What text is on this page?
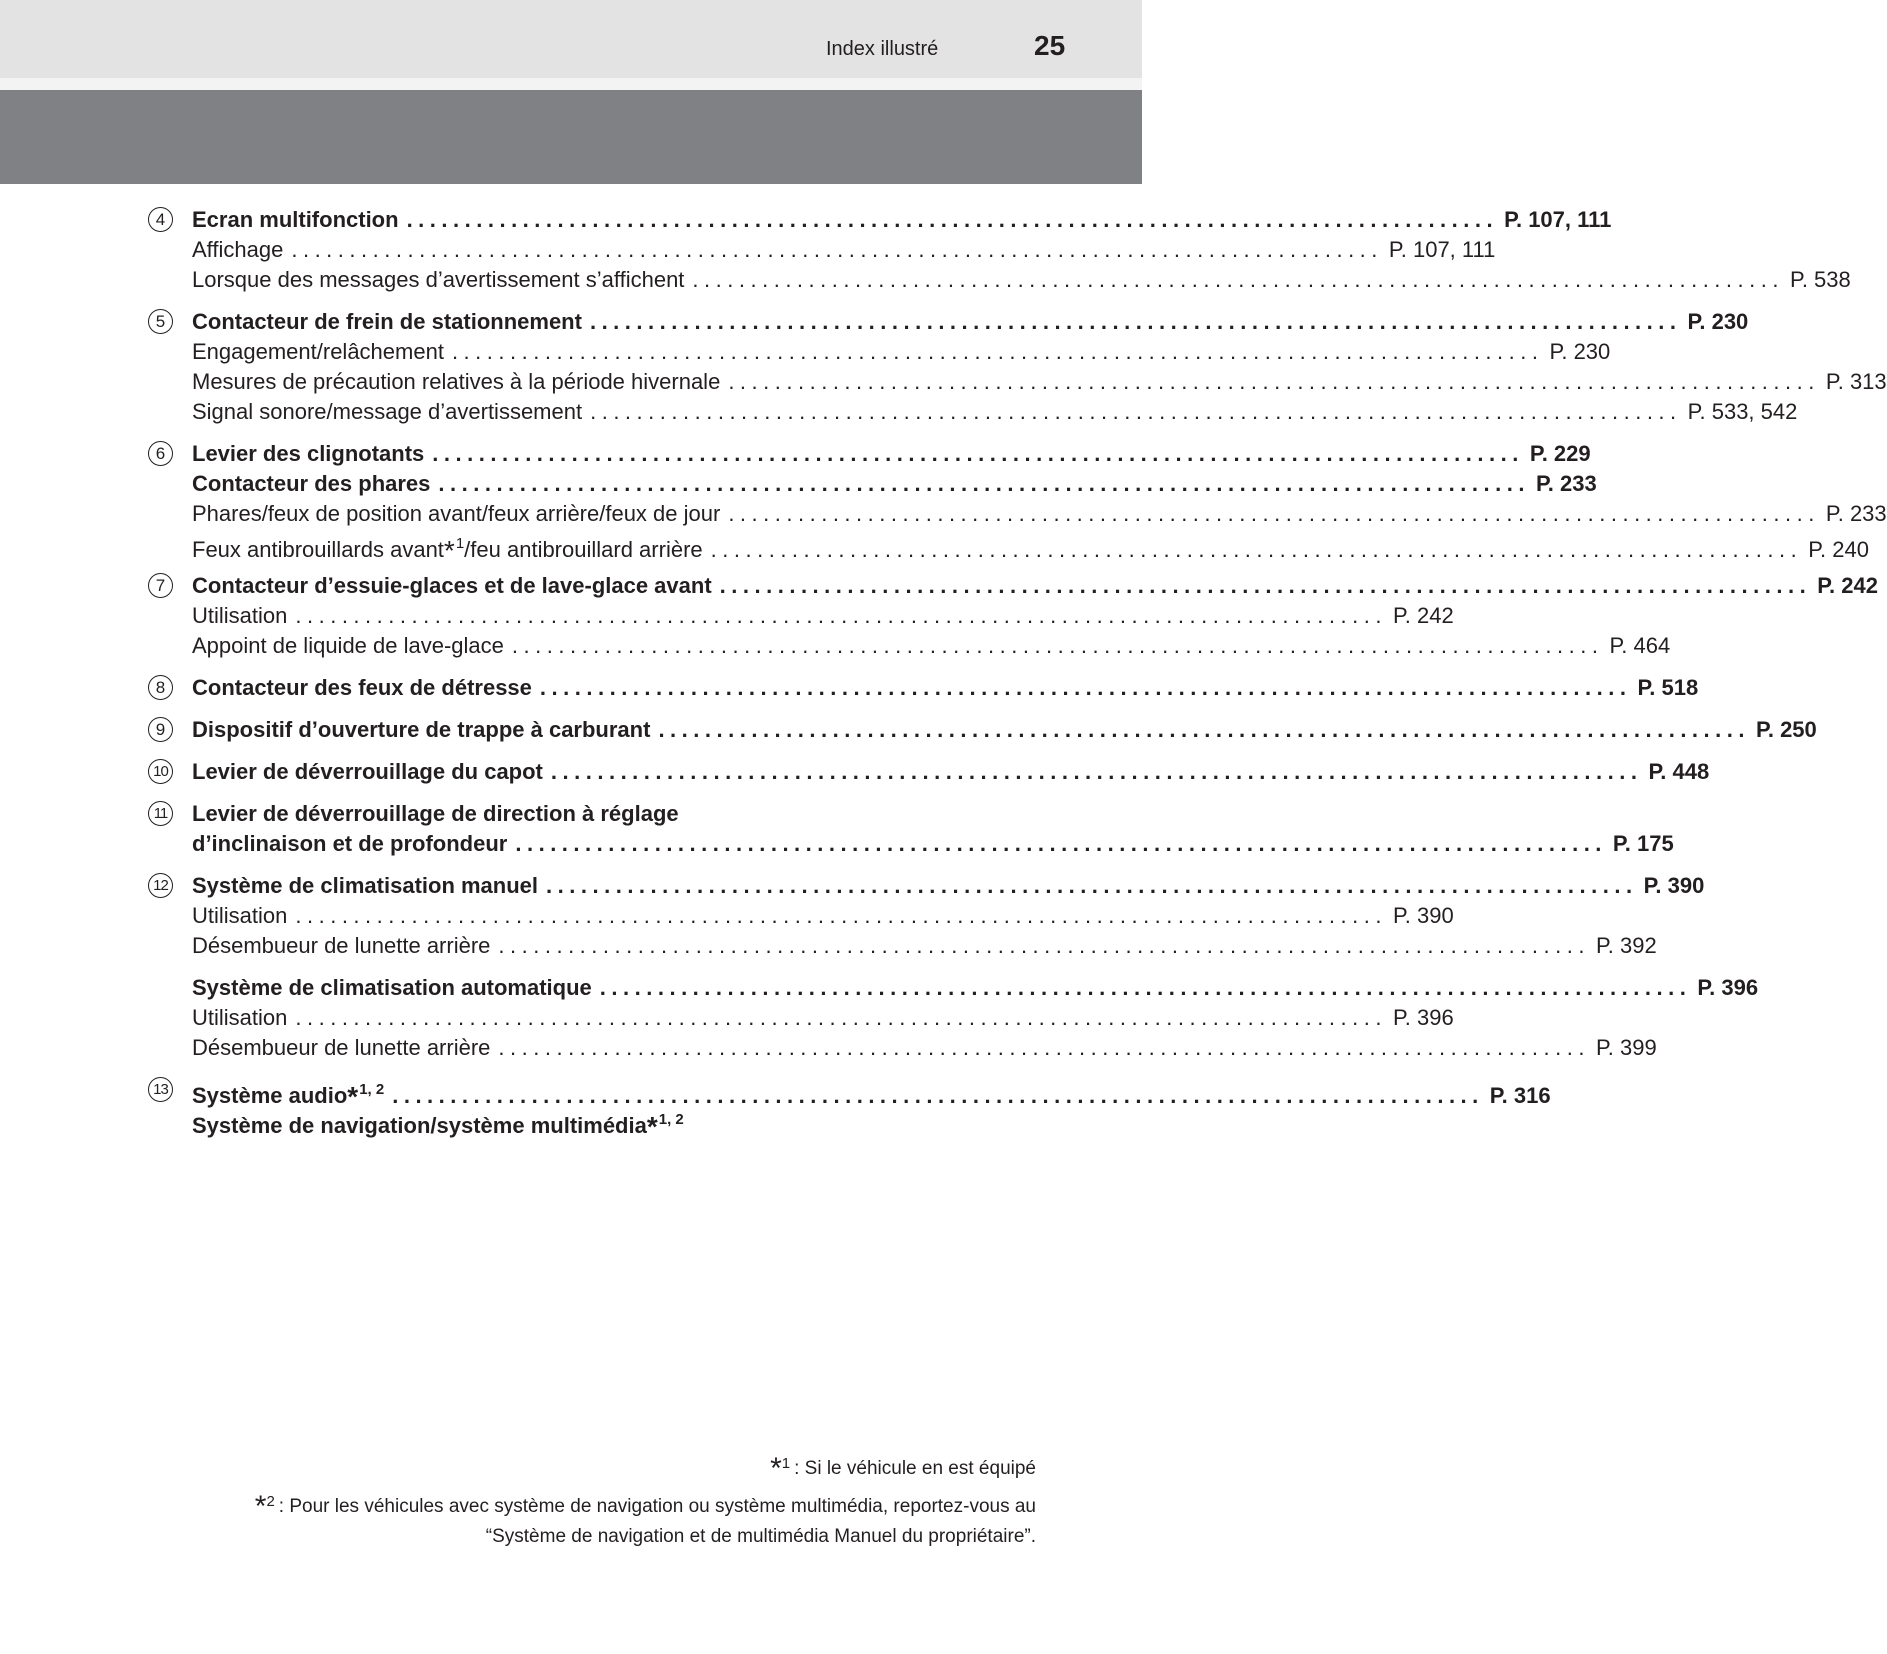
Index illustré	25
4	Ecran multifonction .............................................................................................. P. 107, 111
Affichage .............................................................................................. P. 107, 111
Lorsque des messages d’avertissement s’affichent .............................................................................................. P. 538
5	Contacteur de frein de stationnement .............................................................................................. P. 230
Engagement/relâchement .............................................................................................. P. 230
Mesures de précaution relatives à la période hivernale .............................................................................................. P. 313
Signal sonore/message d’avertissement .............................................................................................. P. 533, 542
6	Levier des clignotants .............................................................................................. P. 229
Contacteur des phares .............................................................................................. P. 233
Phares/feux de position avant/feux arrière/feux de jour .............................................................................................. P. 233
Feux antibrouillards avant*$^1$/feu antibrouillard arrière .............................................................................................. P. 240
7	Contacteur d’essuie-glaces et de lave-glace avant .............................................................................................. P. 242
Utilisation .............................................................................................. P. 242
Appoint de liquide de lave-glace .............................................................................................. P. 464
8	Contacteur des feux de détresse .............................................................................................. P. 518
9	Dispositif d’ouverture de trappe à carburant .............................................................................................. P. 250
10 Levier de déverrouillage du capot .............................................................................................. P. 448
11 Levier de déverrouillage de direction à réglage
d’inclinaison et de profondeur .............................................................................................. P. 175
12 Système de climatisation manuel .............................................................................................. P. 390
Utilisation .............................................................................................. P. 390
Désembueur de lunette arrière .............................................................................................. P. 392
Système de climatisation automatique .............................................................................................. P. 396
Utilisation .............................................................................................. P. 396
Désembueur de lunette arrière .............................................................................................. P. 399
13 Système audio*$^{1, 2}$ .............................................................................................. P. 316
Système de navigation/système multimédia*$^{1, 2}$
*$^1$ : Si le véhicule en est équipé
*$^2$ : Pour les véhicules avec système de navigation ou système multimédia, reportez-vous au
“Système de navigation et de multimédia Manuel du propriétaire”.
